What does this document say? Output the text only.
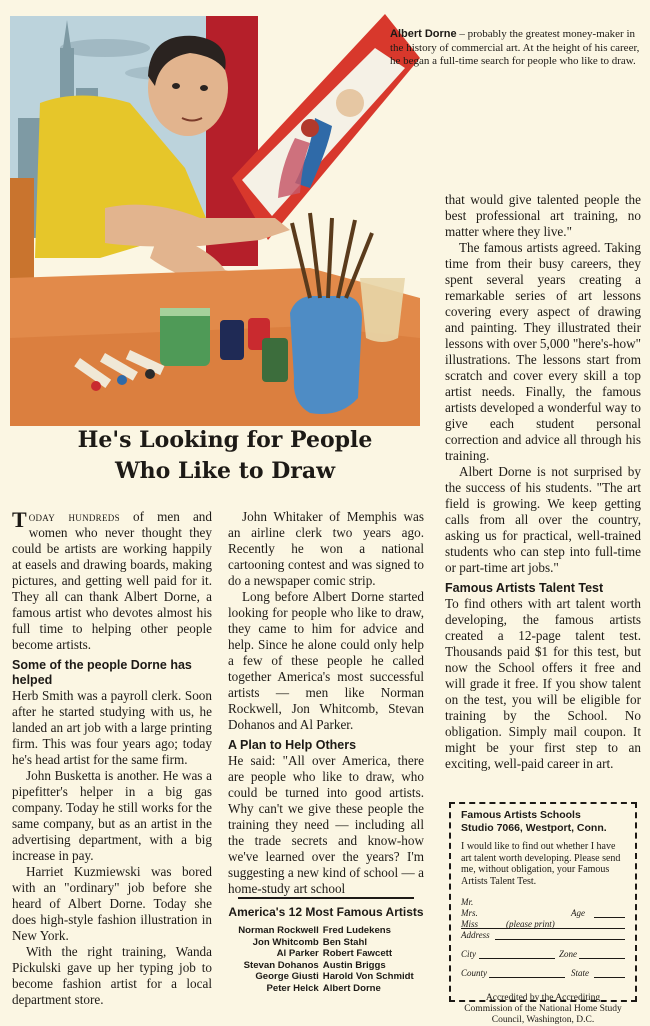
Albert Dorne – probably the greatest money-maker in the history of commercial art. At the height of his career, he began a full-time search for people who like to draw.
He's Looking for People
Who Like to Draw

Today hundreds of men and women who never thought they could be artists are working happily at easels and drawing boards, making pictures, and getting well paid for it. They all can thank Albert Dorne, a famous artist who devotes almost his full time to helping other people become artists.

Some of the people Dorne has helped

Herb Smith was a payroll clerk. Soon after he started studying with us, he landed an art job with a large printing firm. This was four years ago; today he's head artist for the same firm.

John Busketta is another. He was a pipefitter's helper in a big gas company. Today he still works for the same company, but as an artist in the advertising department, with a big increase in pay.

Harriet Kuzmiewski was bored with an "ordinary" job before she heard of Albert Dorne. Today she does high-style fashion illustration in New York.

With the right training, Wanda Pickulski gave up her typing job to become fashion artist for a local department store.

John Whitaker of Memphis was an airline clerk two years ago. Recently he won a national cartooning contest and was signed to do a newspaper comic strip.

Long before Albert Dorne started looking for people who like to draw, they came to him for advice and help. Since he alone could only help a few of these people he called together America's most successful artists — men like Norman Rockwell, Jon Whitcomb, Stevan Dohanos and Al Parker.

A Plan to Help Others

He said: "All over America, there are people who like to draw, who could be turned into good artists. Why can't we give these people the training they need — including all the trade secrets and know-how we've learned over the years? I'm suggesting a new kind of school — a home-study art school

that would give talented people the best professional art training, no matter where they live."

The famous artists agreed. Taking time from their busy careers, they spent several years creating a remarkable series of art lessons covering every aspect of drawing and painting. They illustrated their lessons with over 5,000 "here's-how" illustrations. The lessons start from scratch and cover every skill a top artist needs. Finally, the famous artists developed a wonderful way to give each student personal correction and advice all through his training.

Albert Dorne is not surprised by the success of his students. "The art field is growing. We keep getting calls from all over the country, asking us for practical, well-trained students who can step into full-time or part-time art jobs."

Famous Artists Talent Test

To find others with art talent worth developing, the famous artists created a 12-page talent test. Thousands paid $1 for this test, but now the School offers it free and will grade it free. If you show talent on the test, you will be eligible for training by the School. No obligation. Simply mail coupon. It might be your first step to an exciting, well-paid career in art.

America's 12 Most Famous Artists
Norman Rockwell	Fred Ludekens
Jon Whitcomb	Ben Stahl
Al Parker	Robert Fawcett
Stevan Dohanos	Austin Briggs
George Giusti	Harold Von Schmidt
Peter Helck	Albert Dorne
Famous Artists Schools
Studio 7066, Westport, Conn.
I would like to find out whether I have art talent worth developing. Please send me, without obligation, your Famous Artists Talent Test.
Mr.
Mrs.	Age
Miss	(please print)
Address
City	Zone
County	State
Accredited by the Accrediting Commission of the National Home Study Council, Washington, D.C.
